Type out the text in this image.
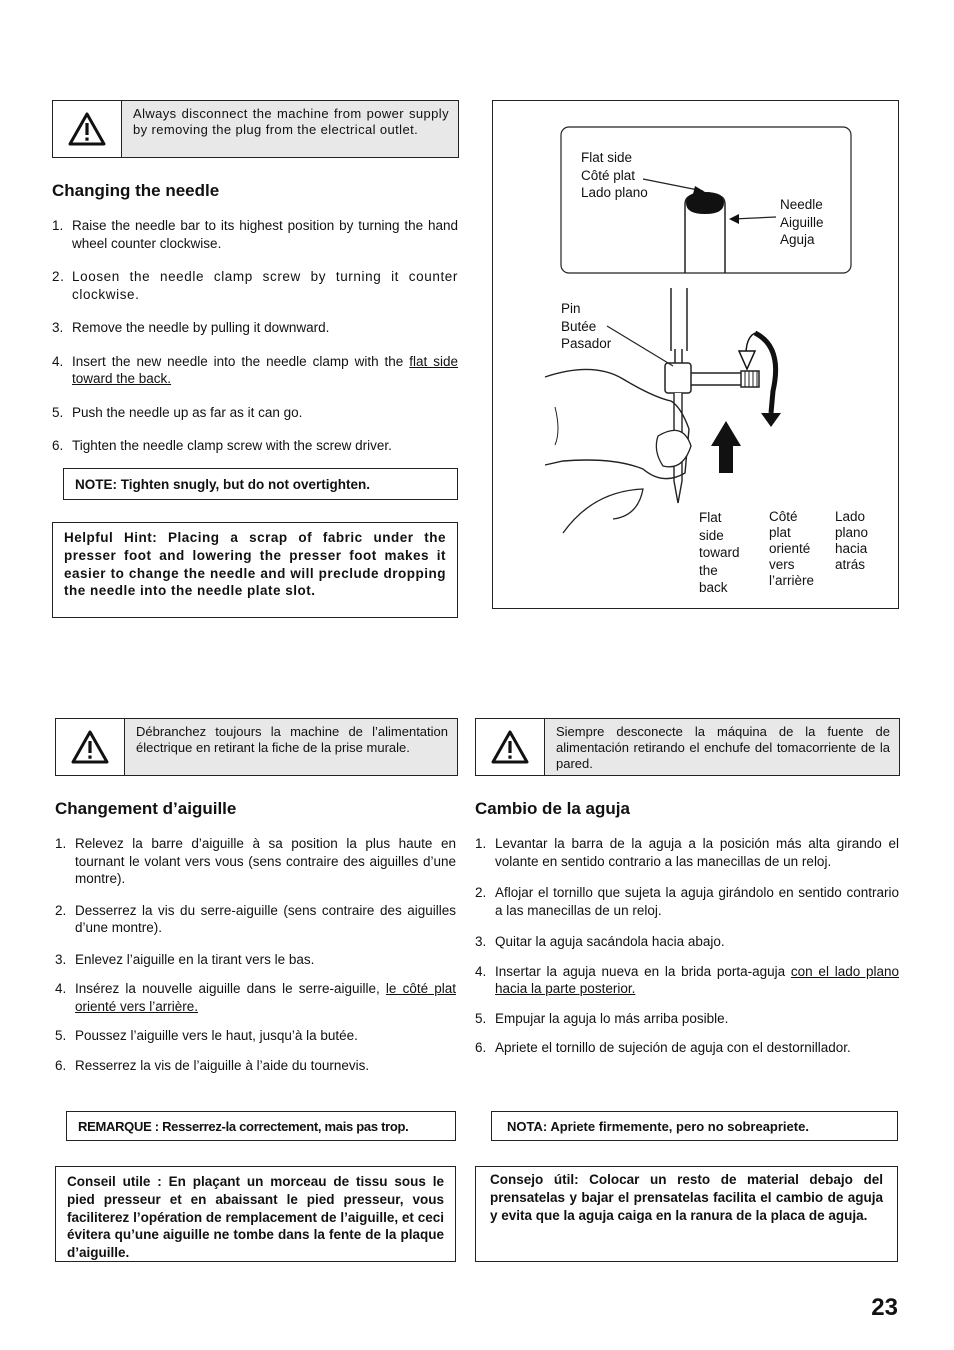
Always disconnect the machine from power supply by removing the plug from the electrical outlet.
Changing the needle
1. Raise the needle bar to its highest position by turning the hand wheel counter clockwise.
2. Loosen the needle clamp screw by turning it counter clockwise.
3. Remove the needle by pulling it downward.
4. Insert the new needle into the needle clamp with the flat side toward the back.
5. Push the needle up as far as it can go.
6. Tighten the needle clamp screw with the screw driver.
NOTE: Tighten snugly, but do not overtighten.
Helpful Hint: Placing a scrap of fabric under the presser foot and lowering the presser foot makes it easier to change the needle and will preclude dropping the needle into the needle plate slot.
Flat side
Côté plat
Lado plano
Needle
Aiguille
Aguja
Pin
Butée
Pasador
Flat
side
toward
the
back
Côté
plat
orienté
vers
l’arrière
Lado
plano
hacia
atrás
Débranchez toujours la machine de l’alimentation électrique en retirant la fiche de la prise murale.
Changement d’aiguille
1. Relevez la barre d’aiguille à sa position la plus haute en tournant le volant vers vous (sens contraire des aiguilles d’une montre).
2. Desserrez la vis du serre-aiguille (sens contraire des aiguilles d’une montre).
3. Enlevez l’aiguille en la tirant vers le bas.
4. Insérez la nouvelle aiguille dans le serre-aiguille, le côté plat orienté vers l’arrière.
5. Poussez l’aiguille vers le haut, jusqu’à la butée.
6. Resserrez la vis de l’aiguille à l’aide du tournevis.
REMARQUE : Resserrez-la correctement, mais pas trop.
Conseil utile : En plaçant un morceau de tissu sous le pied presseur et en abaissant le pied presseur, vous faciliterez l’opération de remplacement de l’aiguille, et ceci évitera qu’une aiguille ne tombe dans la fente de la plaque d’aiguille.
Siempre desconecte la máquina de la fuente de alimentación retirando el enchufe del tomacorriente de la pared.
Cambio de la aguja
1. Levantar la barra de la aguja a la posición más alta girando el volante en sentido contrario a las manecillas de un reloj.
2. Aflojar el tornillo que sujeta la aguja girándolo en sentido contrario a las manecillas de un reloj.
3. Quitar la aguja sacándola hacia abajo.
4. Insertar la aguja nueva en la brida porta-aguja con el lado plano hacia la parte posterior.
5. Empujar la aguja lo más arriba posible.
6. Apriete el tornillo de sujeción de aguja con el destornillador.
NOTA: Apriete firmemente, pero no sobreapriete.
Consejo útil: Colocar un resto de material debajo del prensatelas y bajar el prensatelas facilita el cambio de aguja y evita que la aguja caiga en la ranura de la placa de aguja.
23
